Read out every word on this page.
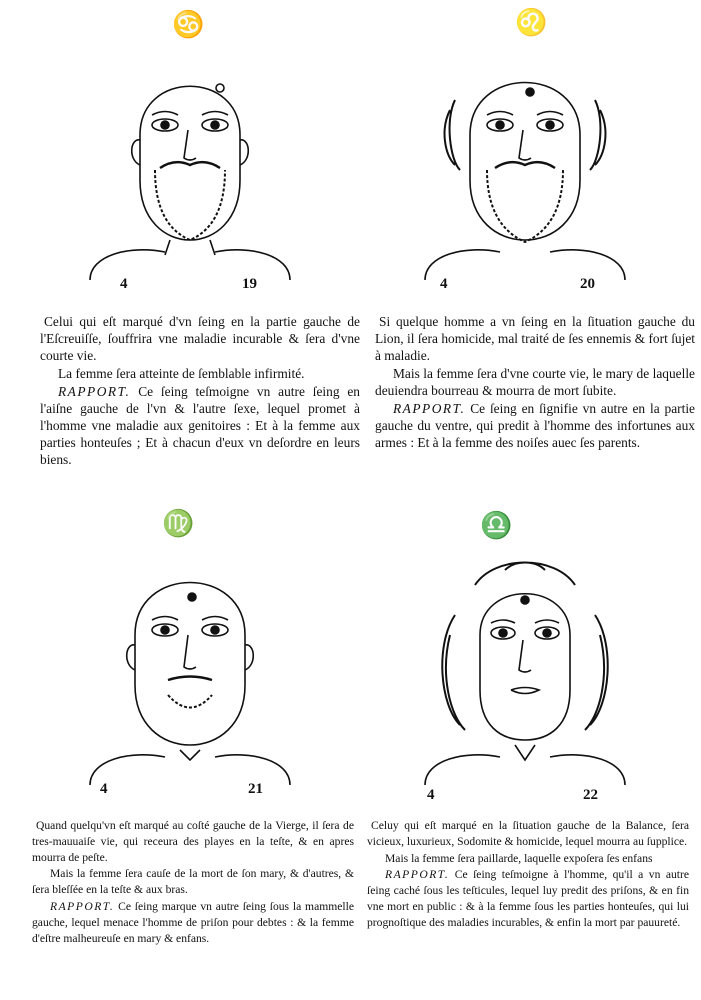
♋
4	19

Celui qui eſt marqué d'vn ſeing en la partie gauche de l'Eſcreuiſſe, ſouffrira vne maladie incurable & ſera d'vne courte vie.

La femme ſera atteinte de ſemblable infirmité.

RAPPORT. Ce ſeing teſmoigne vn autre ſeing en l'aiſne gauche de l'vn & l'autre ſexe, lequel promet à l'homme vne maladie aux genitoires : Et à la femme aux parties honteuſes ; Et à chacun d'eux vn deſordre en leurs biens.

♌
4	20

Si quelque homme a vn ſeing en la ſituation gauche du Lion, il ſera homicide, mal traité de ſes ennemis & fort ſujet à maladie.

Mais la femme ſera d'vne courte vie, le mary de laquelle deuiendra bourreau & mourra de mort ſubite.

RAPPORT. Ce ſeing en ſignifie vn autre en la partie gauche du ventre, qui predit à l'homme des infortunes aux armes : Et à la femme des noiſes auec ſes parents.

♍
4	21

Quand quelqu'vn eſt marqué au coſté gauche de la Vierge, il ſera de tres-mauuaiſe vie, qui receura des playes en la teſte, & en apres mourra de peſte.

Mais la femme ſera cauſe de la mort de ſon mary, & d'autres, & ſera bleſſée en la teſte & aux bras.

RAPPORT. Ce ſeing marque vn autre ſeing ſous la mammelle gauche, lequel menace l'homme de priſon pour debtes : & la femme d'eſtre malheureuſe en mary & enfans.

♎
4	22

Celuy qui eſt marqué en la ſituation gauche de la Balance, ſera vicieux, luxurieux, Sodomite & homicide, lequel mourra au ſupplice.

Mais la femme ſera paillarde, laquelle expoſera ſes enfans

RAPPORT. Ce ſeing teſmoigne à l'homme, qu'il a vn autre ſeing caché ſous les teſticules, lequel luy predit des priſons, & en fin vne mort en public : & à la femme ſous les parties honteuſes, qui lui prognoſtique des maladies incurables, & enfin la mort par pauureté.
